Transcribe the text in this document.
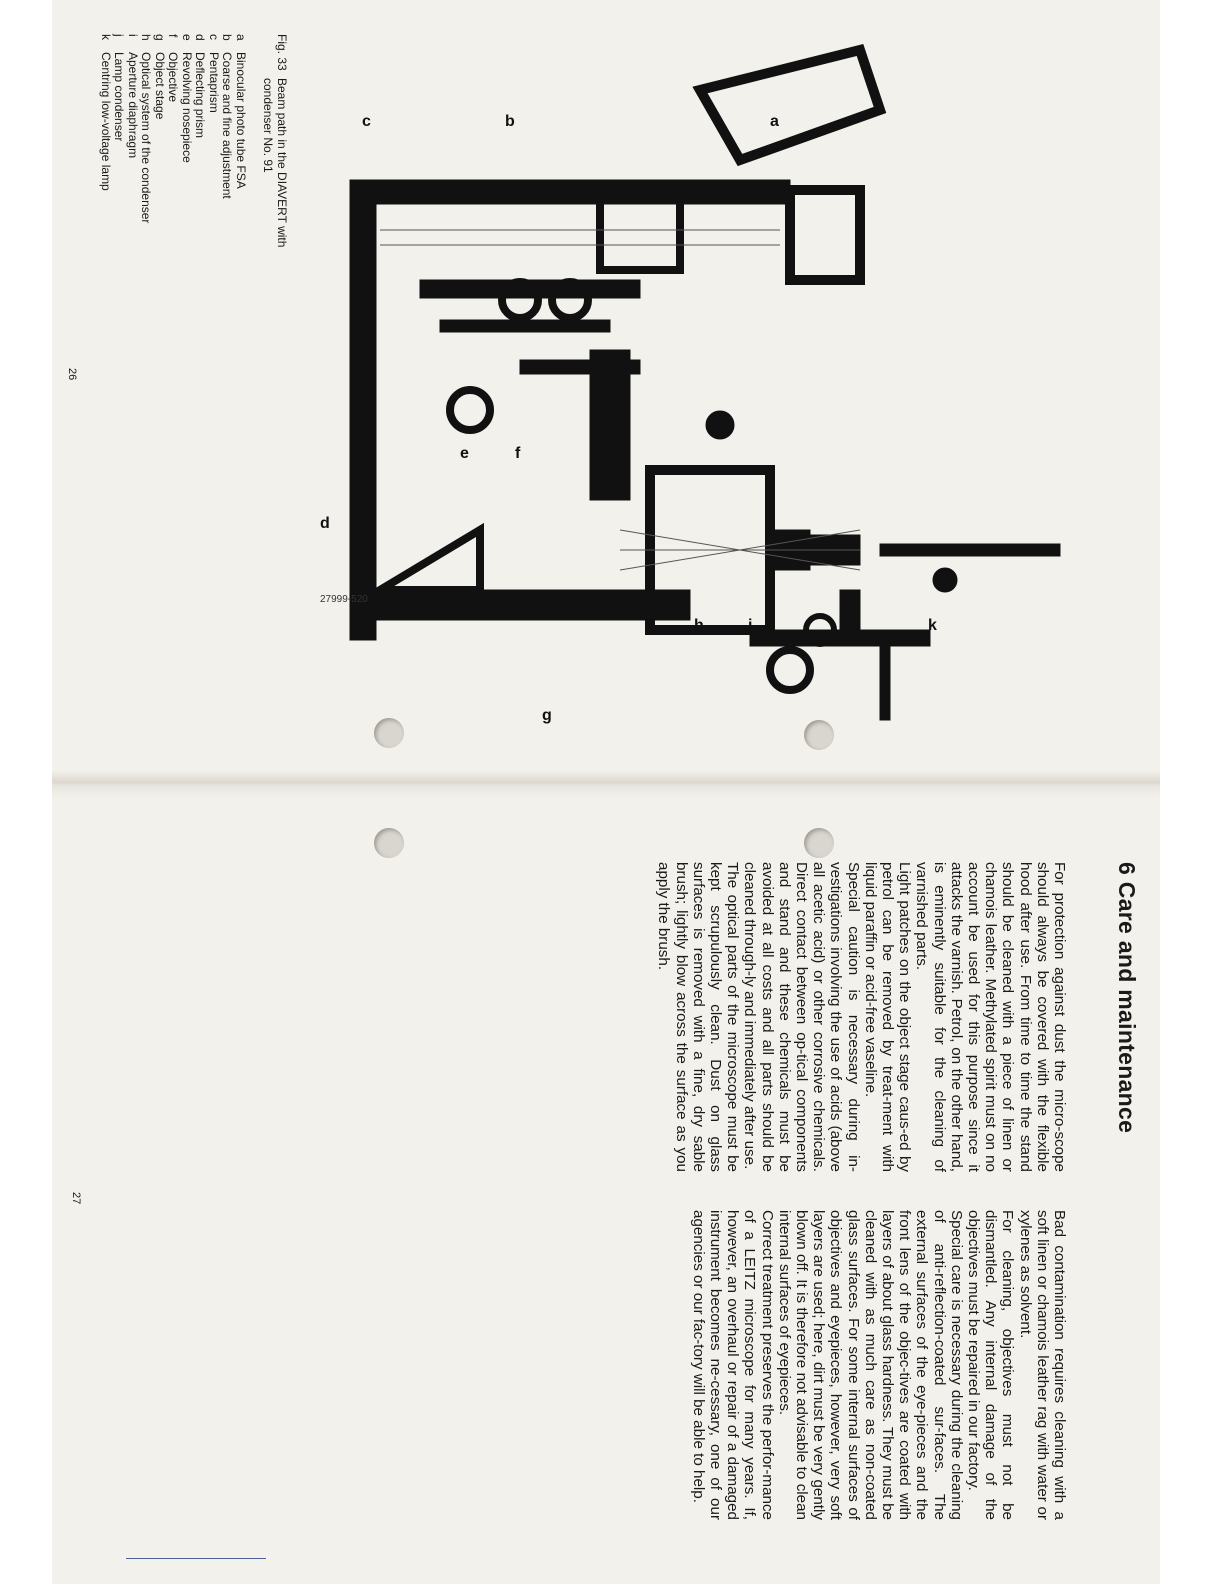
a
b
c
d
e	f
g
h	i	j	k
27999-520
Fig. 33
Beam path in the DIAVERT with
condenser No. 91
a
Binocular photo tube FSA
b
Coarse and fine adjustment
c
Pentaprism
d
Deflecting prism
e
Revolving nosepiece
f
Objective
g
Object stage
h
Optical system of the condenser
i
Aperture diaphragm
j
Lamp condenser
k
Centring low-voltage lamp
26
6 Care and maintenance

For protection against dust the micro-scope should always be covered with the flexible hood after use. From time to time the stand should be cleaned with a piece of linen or chamois leather. Methylated spirit must on no account be used for this purpose since it attacks the varnish. Petrol, on the other hand, is eminently suitable for the cleaning of varnished parts.

Light patches on the object stage caus-ed by petrol can be removed by treat-ment with liquid paraffin or acid-free vaseline.

Special caution is necessary during in-vestigations involving the use of acids (above all acetic acid) or other corrosive chemicals. Direct contact between op-tical components and stand and these chemicals must be avoided at all costs and all parts should be cleaned through-ly and immediately after use.

The optical parts of the microscope must be kept scrupulously clean. Dust on glass surfaces is removed with a fine, dry sable brush; lightly blow across the surface as you apply the brush.

Bad contamination requires cleaning with a soft linen or chamois leather rag with water or xylenes as solvent.

For cleaning, objectives must not be dismantled. Any internal damage of the objectives must be repaired in our factory.

Special care is necessary during the cleaning of anti-reflection-coated sur-faces. The external surfaces of the eye-pieces and the front lens of the objec-tives are coated with layers of about glass hardness. They must be cleaned with as much care as non-coated glass surfaces. For some internal surfaces of objectives and eyepieces, however, very soft layers are used; here, dirt must be very gently blown off. It is therefore not advisable to clean internal surfaces of eyepieces.

Correct treatment preserves the perfor-mance of a LEITZ microscope for many years. If, however, an overhaul or repair of a damaged instrument becomes ne-cessary, one of our agencies or our fac-tory will be able to help.

27
